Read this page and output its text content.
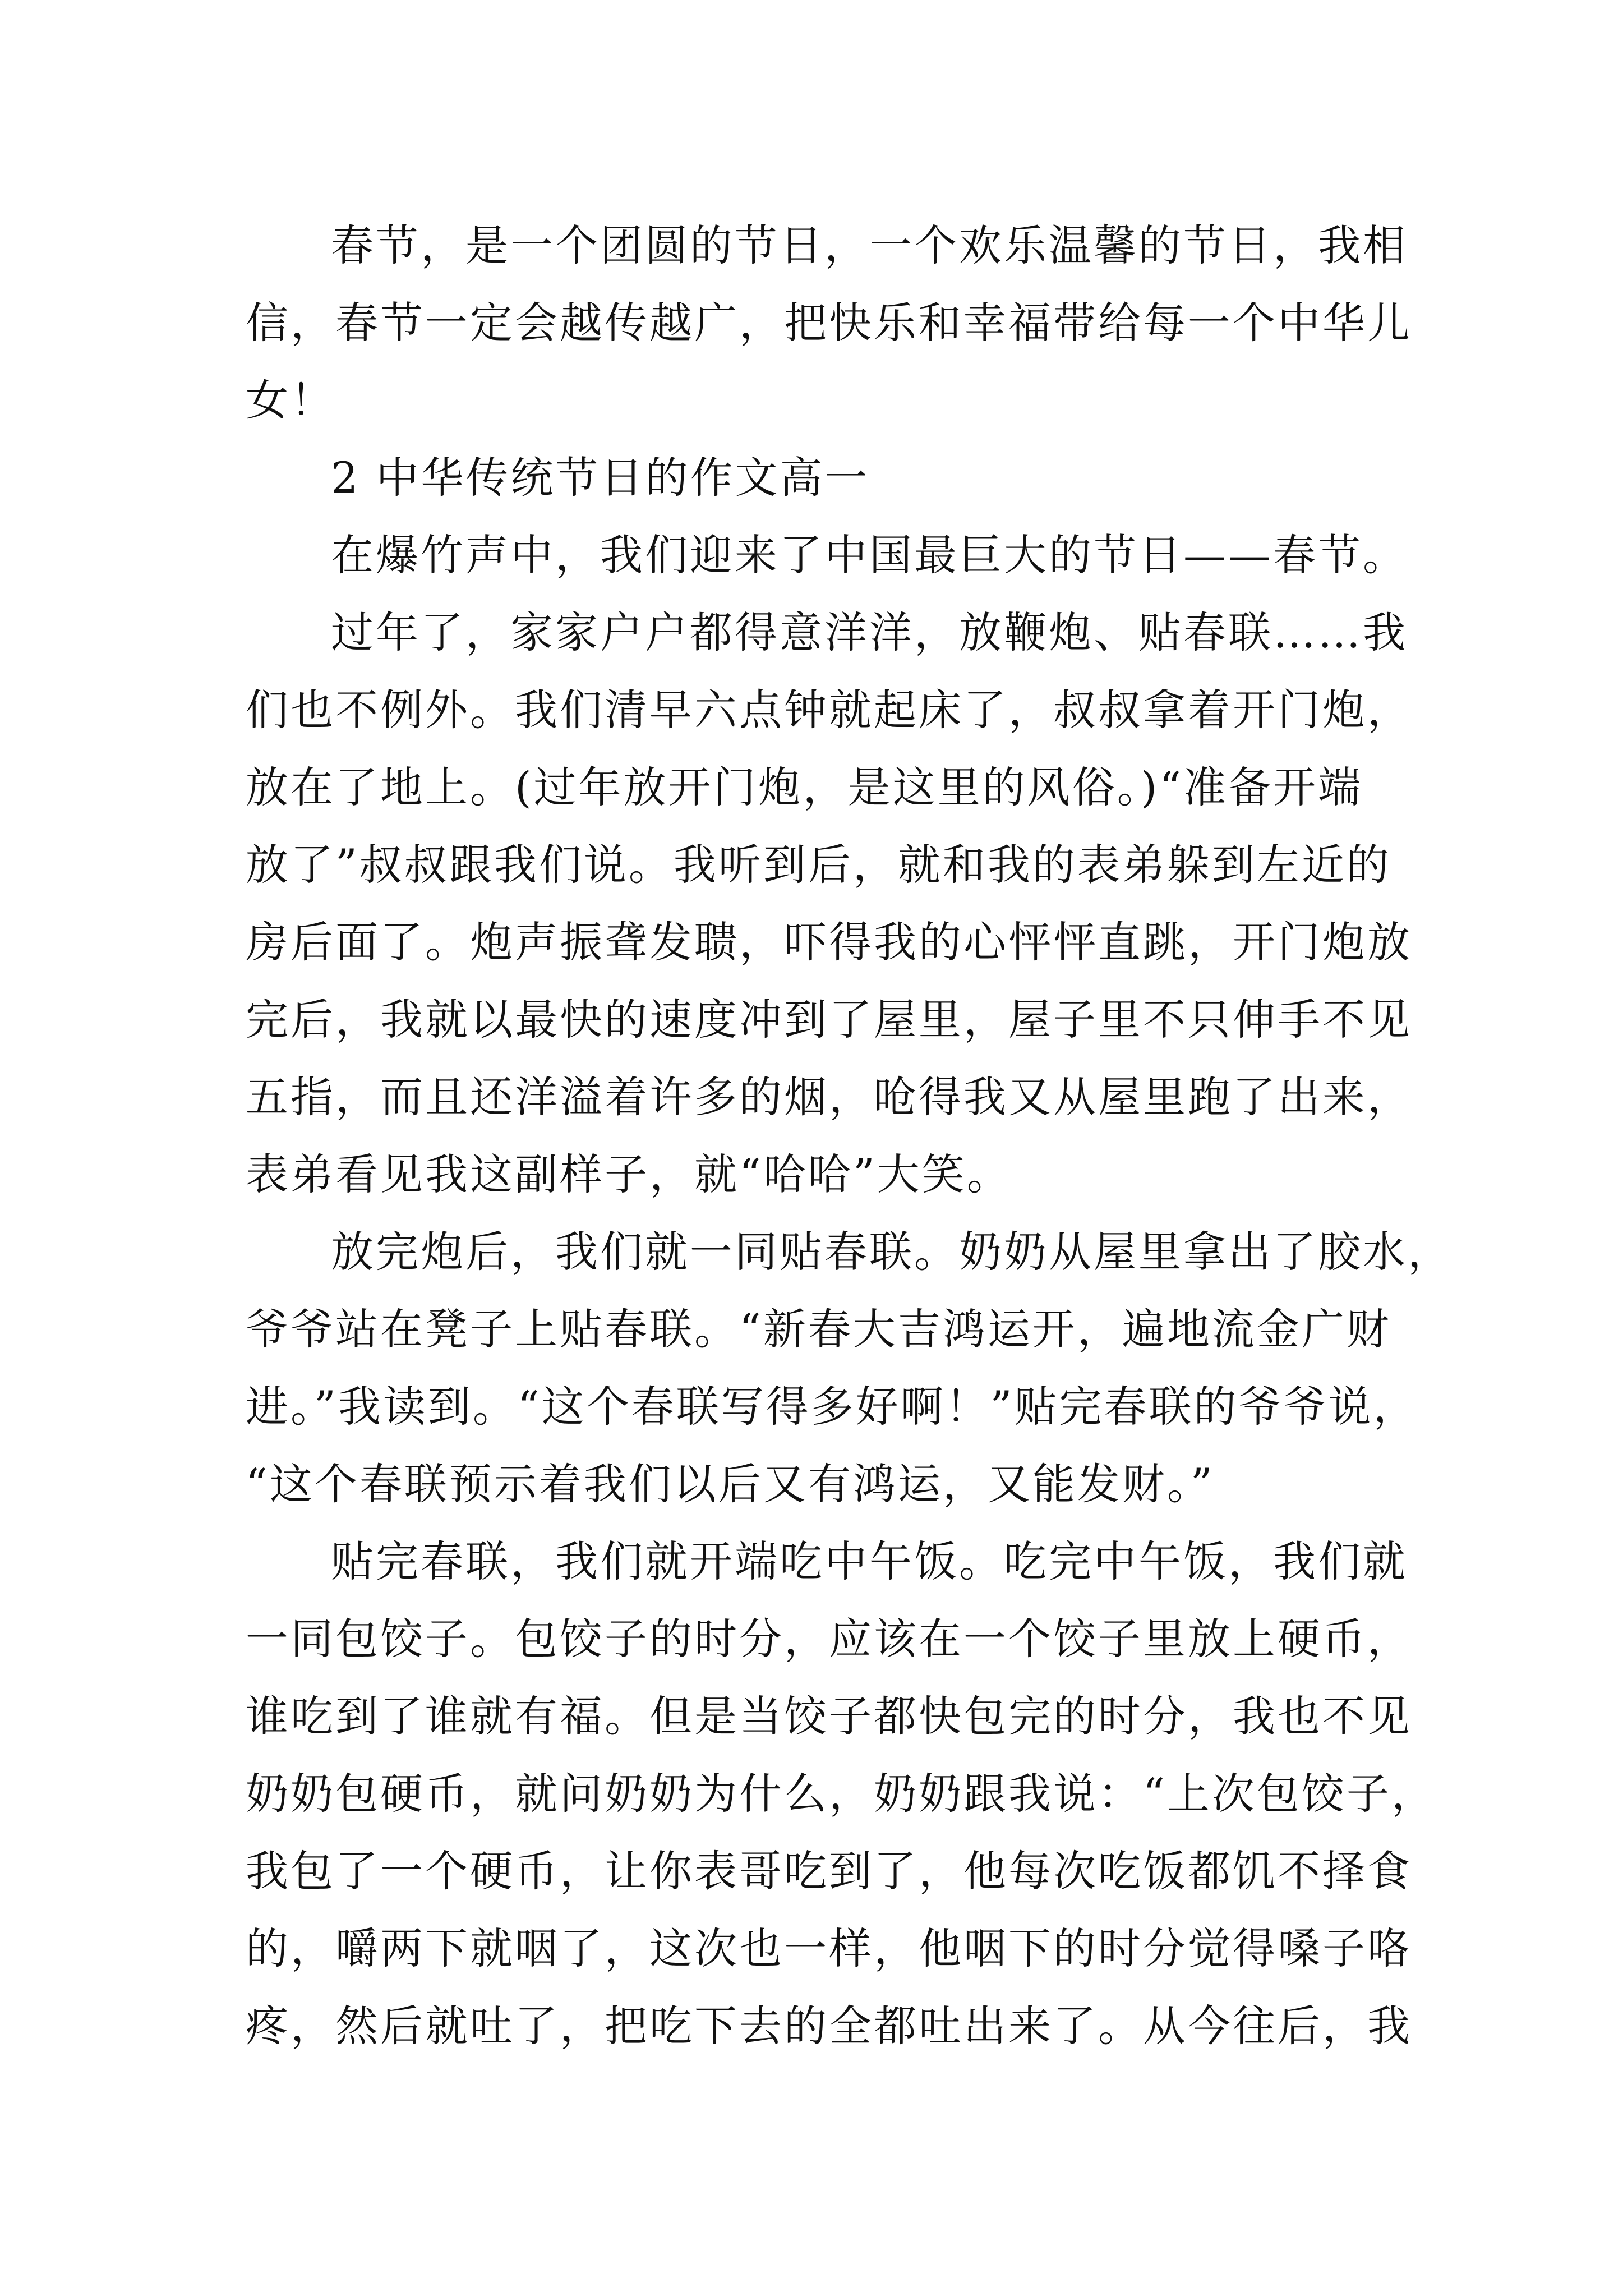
春节，是一个团圆的节日，一个欢乐温馨的节日，我相
信，春节一定会越传越广，把快乐和幸福带给每一个中华儿
女！
2 中华传统节日的作文高一
在爆竹声中，我们迎来了中国最巨大的节日——春节。
过年了，家家户户都得意洋洋，放鞭炮、贴春联……我
们也不例外。我们清早六点钟就起床了，叔叔拿着开门炮，
放在了地上。(过年放开门炮，是这里的风俗。)“准备开端
放了”叔叔跟我们说。我听到后，就和我的表弟躲到左近的
房后面了。炮声振聋发聩，吓得我的心怦怦直跳，开门炮放
完后，我就以最快的速度冲到了屋里，屋子里不只伸手不见
五指，而且还洋溢着许多的烟，呛得我又从屋里跑了出来，
表弟看见我这副样子，就“哈哈”大笑。
放完炮后，我们就一同贴春联。奶奶从屋里拿出了胶水，
爷爷站在凳子上贴春联。“新春大吉鸿运开，遍地流金广财
进。”我读到。“这个春联写得多好啊！”贴完春联的爷爷说，
“这个春联预示着我们以后又有鸿运，又能发财。”
贴完春联，我们就开端吃中午饭。吃完中午饭，我们就
一同包饺子。包饺子的时分，应该在一个饺子里放上硬币，
谁吃到了谁就有福。但是当饺子都快包完的时分，我也不见
奶奶包硬币，就问奶奶为什么，奶奶跟我说：“上次包饺子，
我包了一个硬币，让你表哥吃到了，他每次吃饭都饥不择食
的，嚼两下就咽了，这次也一样，他咽下的时分觉得嗓子咯
疼，然后就吐了，把吃下去的全都吐出来了。从今往后，我
